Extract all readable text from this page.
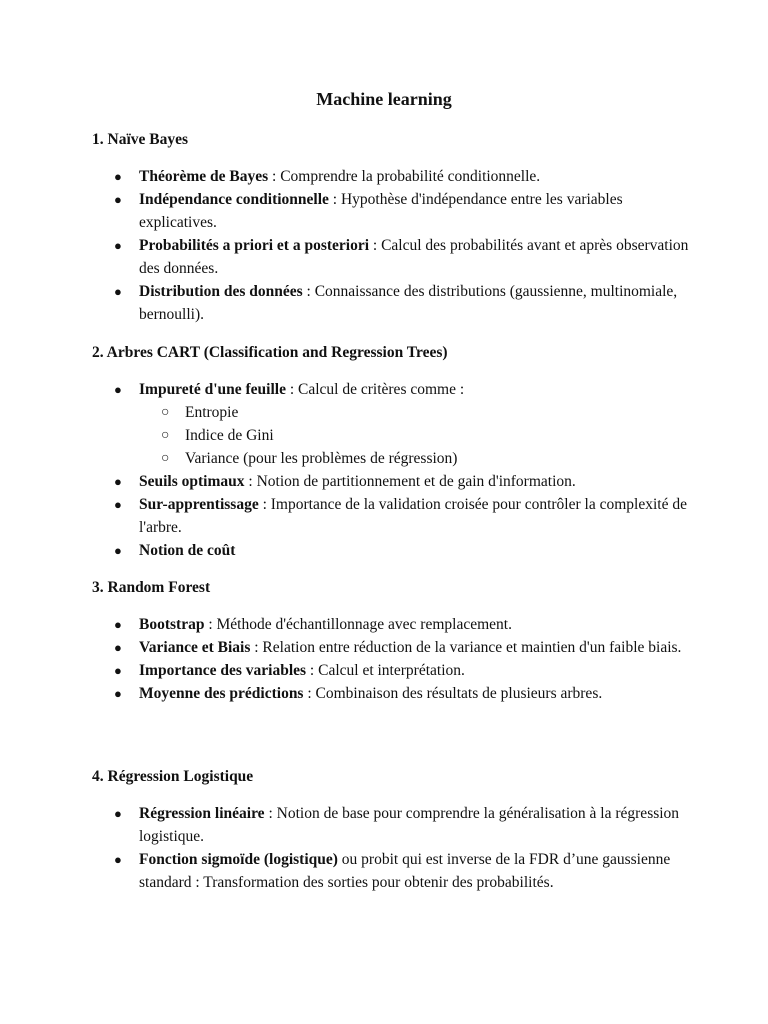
Machine learning
1. Naïve Bayes
● Théorème de Bayes : Comprendre la probabilité conditionnelle.
● Indépendance conditionnelle : Hypothèse d'indépendance entre les variables explicatives.
● Probabilités a priori et a posteriori : Calcul des probabilités avant et après observation des données.
● Distribution des données : Connaissance des distributions (gaussienne, multinomiale, bernoulli).
2. Arbres CART (Classification and Regression Trees)
● Impureté d'une feuille : Calcul de critères comme :
○ Entropie
○ Indice de Gini
○ Variance (pour les problèmes de régression)
● Seuils optimaux : Notion de partitionnement et de gain d'information.
● Sur-apprentissage : Importance de la validation croisée pour contrôler la complexité de l'arbre.
● Notion de coût
3. Random Forest
● Bootstrap : Méthode d'échantillonnage avec remplacement.
● Variance et Biais : Relation entre réduction de la variance et maintien d'un faible biais.
● Importance des variables : Calcul et interprétation.
● Moyenne des prédictions : Combinaison des résultats de plusieurs arbres.
4. Régression Logistique
● Régression linéaire : Notion de base pour comprendre la généralisation à la régression logistique.
● Fonction sigmoïde (logistique) ou probit qui est inverse de la FDR d’une gaussienne standard : Transformation des sorties pour obtenir des probabilités.
